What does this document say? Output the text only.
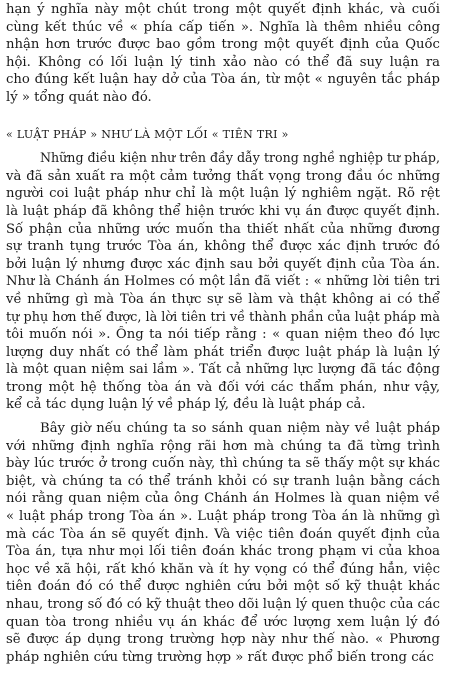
hạn ý nghĩa này một chút trong một quyết định khác, và cuối
cùng kết thúc về « phía cấp tiến ». Nghĩa là thêm nhiều công
nhận hơn trước được bao gồm trong một quyết định của Quốc
hội. Không có lối luận lý tinh xảo nào có thể đã suy luận ra
cho đúng kết luận hay dở của Tòa án, từ một « nguyên tắc pháp
lý » tổng quát nào đó.
« LUẬT PHÁP » NHƯ LÀ MỘT LỐI « TIÊN TRI »
Những điều kiện như trên đầy dẫy trong nghề nghiệp tư pháp,
và đã sản xuất ra một cảm tưởng thất vọng trong đầu óc những
người coi luật pháp như chỉ là một luận lý nghiêm ngặt. Rõ rệt
là luật pháp đã không thể hiện trước khi vụ án được quyết định.
Số phận của những ước muốn tha thiết nhất của những đương
sự tranh tụng trước Tòa án, không thể được xác định trước đó
bởi luận lý nhưng được xác định sau bởi quyết định của Tòa án.
Như là Chánh án Holmes có một lần đã viết : « những lời tiên tri
về những gì mà Tòa án thực sự sẽ làm và thật không ai có thể
tự phụ hơn thế được, là lời tiên tri về thành phần của luật pháp mà
tôi muốn nói ». Ông ta nói tiếp rằng : « quan niệm theo đó lực
lượng duy nhất có thể làm phát triển được luật pháp là luận lý
là một quan niệm sai lầm ». Tất cả những lực lượng đã tác động
trong một hệ thống tòa án và đối với các thẩm phán, như vậy,
kể cả tác dụng luận lý về pháp lý, đều là luật pháp cả.
Bây giờ nếu chúng ta so sánh quan niệm này về luật pháp
với những định nghĩa rộng rãi hơn mà chúng ta đã từng trình
bày lúc trước ở trong cuốn này, thì chúng ta sẽ thấy một sự khác
biệt, và chúng ta có thể tránh khỏi có sự tranh luận bằng cách
nói rằng quan niệm của ông Chánh án Holmes là quan niệm về
« luật pháp trong Tòa án ». Luật pháp trong Tòa án là những gì
mà các Tòa án sẽ quyết định. Và việc tiên đoán quyết định của
Tòa án, tựa như mọi lối tiên đoán khác trong phạm vi của khoa
học về xã hội, rất khó khăn và ít hy vọng có thể đúng hẳn, việc
tiên đoán đó có thể được nghiên cứu bởi một số kỹ thuật khác
nhau, trong số đó có kỹ thuật theo dõi luận lý quen thuộc của các
quan tòa trong nhiều vụ án khác để ước lượng xem luận lý đó
sẽ được áp dụng trong trường hợp này như thế nào. « Phương
pháp nghiên cứu từng trường hợp » rất được phổ biến trong các
